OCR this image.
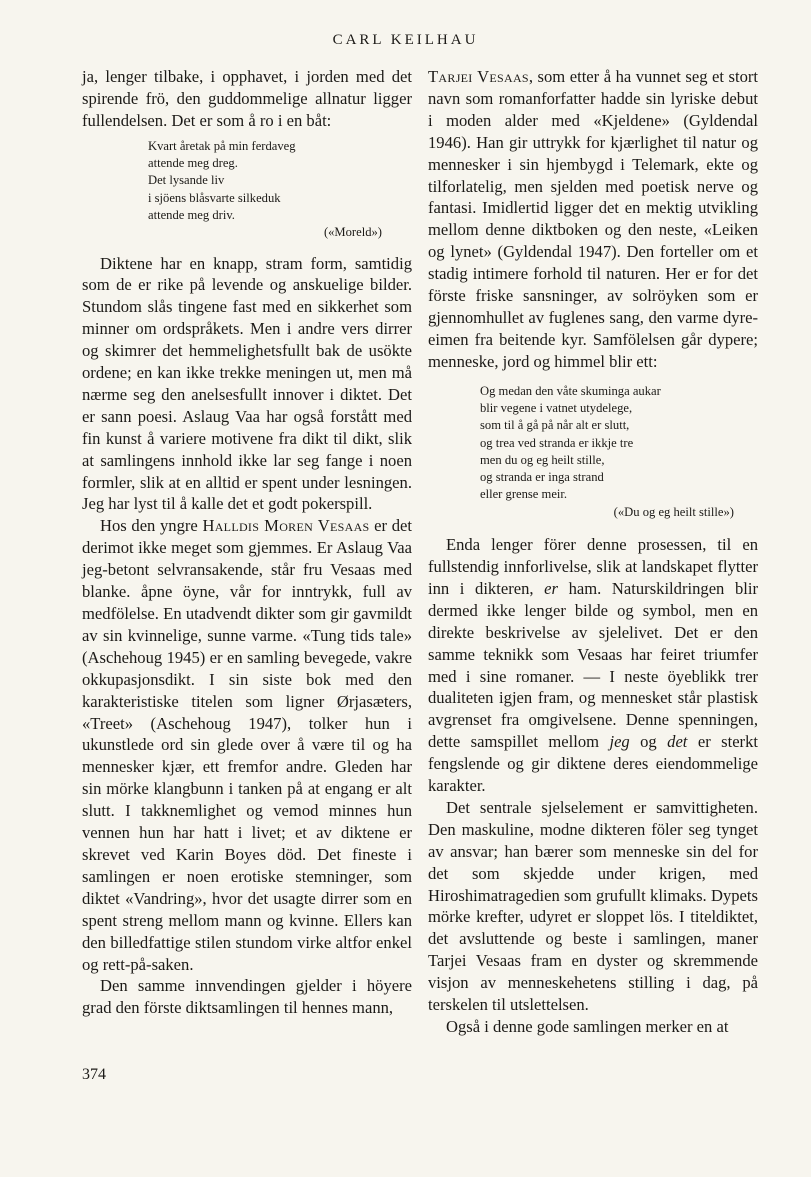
CARL KEILHAU

ja, lenger tilbake, i opphavet, i jorden med det spirende frö, den guddommelige allnatur ligger fullendelsen. Det er som å ro i en båt:

Kvart åretak på min ferdaveg
attende meg dreg.
Det lysande liv
i sjöens blåsvarte silkeduk
attende meg driv.
(«Moreld»)

Diktene har en knapp, stram form, samtidig som de er rike på levende og anskuelige bilder. Stundom slås tingene fast med en sikkerhet som minner om ordspråkets. Men i andre vers dirrer og skimrer det hemmelighetsfullt bak de usökte ordene; en kan ikke trekke meningen ut, men må nærme seg den anelsesfullt innover i diktet. Det er sann poesi. Aslaug Vaa har også forstått med fin kunst å variere motivene fra dikt til dikt, slik at samlingens innhold ikke lar seg fange i noen formler, slik at en alltid er spent under lesningen. Jeg har lyst til å kalle det et godt pokerspill.

Hos den yngre Halldis Moren Vesaas er det derimot ikke meget som gjemmes. Er Aslaug Vaa jeg-betont selvransakende, står fru Vesaas med blanke. åpne öyne, vår for inntrykk, full av medfölelse. En utadvendt dikter som gir gavmildt av sin kvinnelige, sunne varme. «Tung tids tale» (Aschehoug 1945) er en samling bevegede, vakre okkupasjonsdikt. I sin siste bok med den karakteristiske titelen som ligner Ørjasæters, «Treet» (Aschehoug 1947), tolker hun i ukunstlede ord sin glede over å være til og ha mennesker kjær, ett fremfor andre. Gleden har sin mörke klangbunn i tanken på at engang er alt slutt. I takknemlighet og vemod minnes hun vennen hun har hatt i livet; et av diktene er skrevet ved Karin Boyes död. Det fineste i samlingen er noen erotiske stemninger, som diktet «Vandring», hvor det usagte dirrer som en spent streng mellom mann og kvinne. Ellers kan den billedfattige stilen stundom virke altfor enkel og rett-på-saken.

Den samme innvendingen gjelder i höyere grad den förste diktsamlingen til hennes mann,

Tarjei Vesaas, som etter å ha vunnet seg et stort navn som romanforfatter hadde sin lyriske debut i moden alder med «Kjeldene» (Gyldendal 1946). Han gir uttrykk for kjærlighet til natur og mennesker i sin hjembygd i Telemark, ekte og tilforlatelig, men sjelden med poetisk nerve og fantasi. Imidlertid ligger det en mektig utvikling mellom denne diktboken og den neste, «Leiken og lynet» (Gyldendal 1947). Den forteller om et stadig intimere forhold til naturen. Her er for det förste friske sansninger, av solröyken som er gjennomhullet av fuglenes sang, den varme dyre-eimen fra beitende kyr. Samfölelsen går dypere; menneske, jord og himmel blir ett:

Og medan den våte skuminga aukar
blir vegene i vatnet utydelege,
som til å gå på når alt er slutt,
og trea ved stranda er ikkje tre
men du og eg heilt stille,
og stranda er inga strand
eller grense meir.
(«Du og eg heilt stille»)

Enda lenger förer denne prosessen, til en fullstendig innforlivelse, slik at landskapet flytter inn i dikteren, er ham. Naturskildringen blir dermed ikke lenger bilde og symbol, men en direkte beskrivelse av sjelelivet. Det er den samme teknikk som Vesaas har feiret triumfer med i sine romaner. — I neste öyeblikk trer dualiteten igjen fram, og mennesket står plastisk avgrenset fra omgivelsene. Denne spenningen, dette samspillet mellom jeg og det er sterkt fengslende og gir diktene deres eiendommelige karakter.

Det sentrale sjelselement er samvittigheten. Den maskuline, modne dikteren föler seg tynget av ansvar; han bærer som menneske sin del for det som skjedde under krigen, med Hiroshimatragedien som grufullt klimaks. Dypets mörke krefter, udyret er sloppet lös. I titeldiktet, det avsluttende og beste i samlingen, maner Tarjei Vesaas fram en dyster og skremmende visjon av menneskehetens stilling i dag, på terskelen til utslettelsen.

Også i denne gode samlingen merker en at

374
